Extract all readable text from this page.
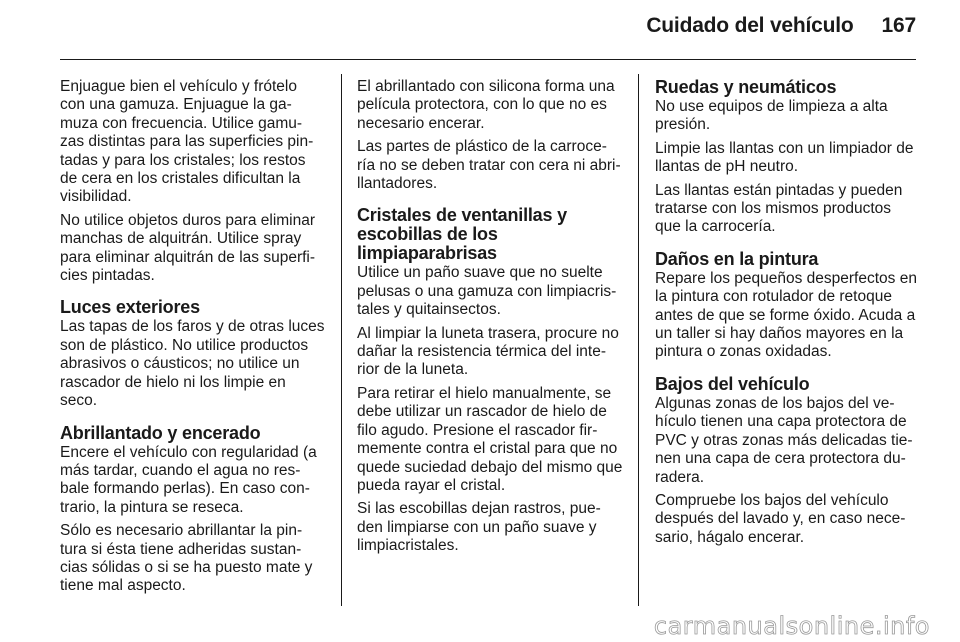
Cuidado del vehículo 167

Enjuague bien el vehículo y frótelo con una gamuza. Enjuague la ga-muza con frecuencia. Utilice gamu-zas distintas para las superficies pin-tadas y para los cristales; los restos de cera en los cristales dificultan la visibilidad.

No utilice objetos duros para eliminar manchas de alquitrán. Utilice spray para eliminar alquitrán de las superfi-cies pintadas.

Luces exteriores

Las tapas de los faros y de otras luces son de plástico. No utilice productos abrasivos o cáusticos; no utilice un rascador de hielo ni los limpie en seco.

Abrillantado y encerado

Encere el vehículo con regularidad (a más tardar, cuando el agua no res-bale formando perlas). En caso con-trario, la pintura se reseca.

Sólo es necesario abrillantar la pin-tura si ésta tiene adheridas sustan-cias sólidas o si se ha puesto mate y tiene mal aspecto.

El abrillantado con silicona forma una película protectora, con lo que no es necesario encerar.

Las partes de plástico de la carroce-ría no se deben tratar con cera ni abri-llantadores.

Cristales de ventanillas y escobillas de los limpiaparabrisas

Utilice un paño suave que no suelte pelusas o una gamuza con limpiacris-tales y quitainsectos.

Al limpiar la luneta trasera, procure no dañar la resistencia térmica del inte-rior de la luneta.

Para retirar el hielo manualmente, se debe utilizar un rascador de hielo de filo agudo. Presione el rascador fir-memente contra el cristal para que no quede suciedad debajo del mismo que pueda rayar el cristal.

Si las escobillas dejan rastros, pue-den limpiarse con un paño suave y limpiacristales.

Ruedas y neumáticos

No use equipos de limpieza a alta presión.

Limpie las llantas con un limpiador de llantas de pH neutro.

Las llantas están pintadas y pueden tratarse con los mismos productos que la carrocería.

Daños en la pintura

Repare los pequeños desperfectos en la pintura con rotulador de retoque antes de que se forme óxido. Acuda a un taller si hay daños mayores en la pintura o zonas oxidadas.

Bajos del vehículo

Algunas zonas de los bajos del ve-hículo tienen una capa protectora de PVC y otras zonas más delicadas tie-nen una capa de cera protectora du-radera.

Compruebe los bajos del vehículo después del lavado y, en caso nece-sario, hágalo encerar.

carmanualsonline.info
